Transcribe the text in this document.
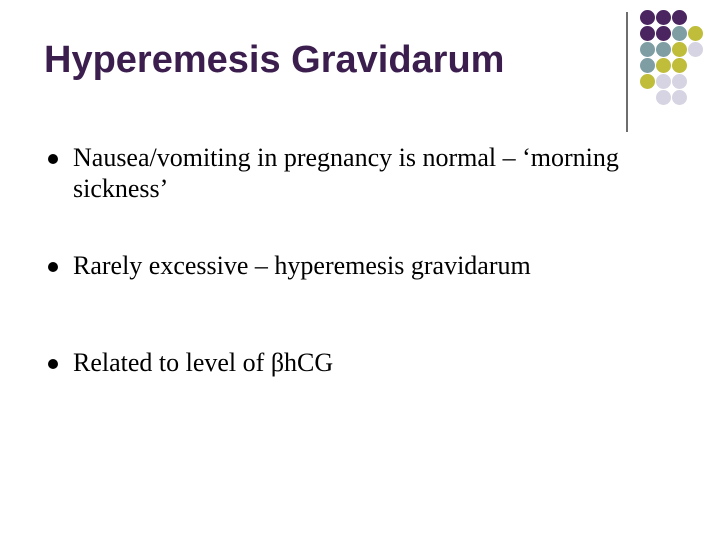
Hyperemesis Gravidarum
Nausea/vomiting in pregnancy is normal – ‘morning sickness’
Rarely excessive – hyperemesis gravidarum
Related to level of βhCG
